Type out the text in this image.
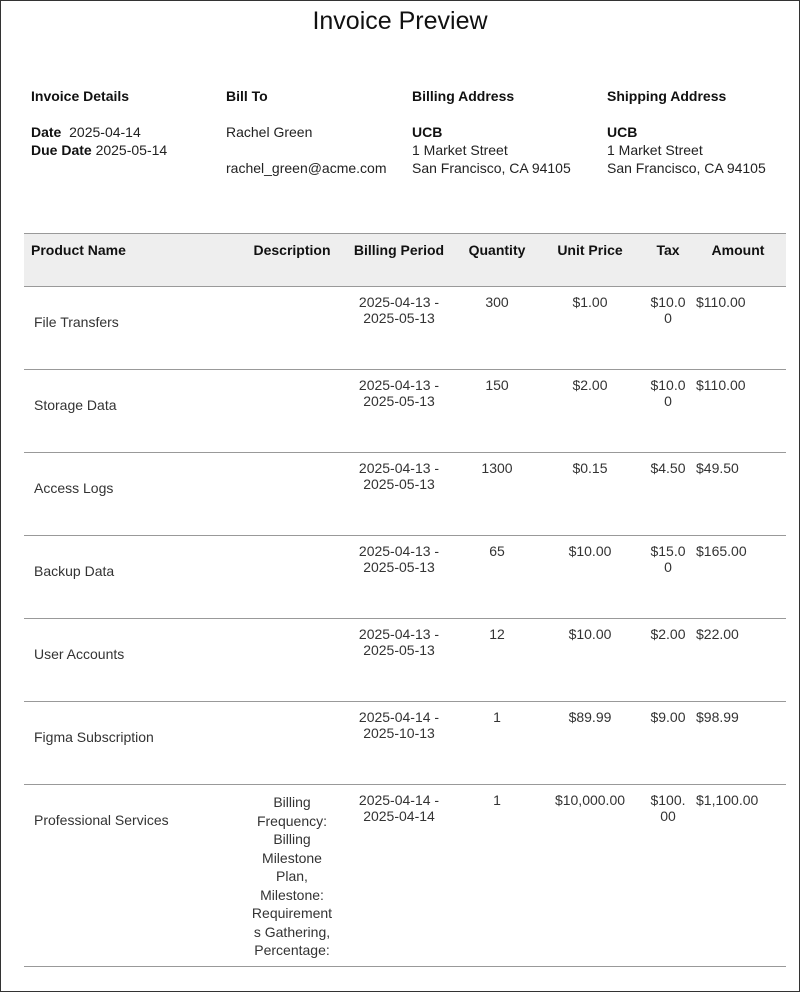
Invoice Preview
Invoice Details
Date 2025-04-14
Due Date 2025-05-14
Bill To
Rachel Green
rachel_green@acme.com
Billing Address
UCB
1 Market Street
San Francisco, CA 94105
Shipping Address
UCB
1 Market Street
San Francisco, CA 94105
Product Name	Description	Billing Period	Quantity	Unit Price	Tax	Amount
File Transfers		2025-04-13 - 2025-05-13	300	$1.00	$10.00	$110.00
Storage Data		2025-04-13 - 2025-05-13	150	$2.00	$10.00	$110.00
Access Logs		2025-04-13 - 2025-05-13	1300	$0.15	$4.50	$49.50
Backup Data		2025-04-13 - 2025-05-13	65	$10.00	$15.00	$165.00
User Accounts		2025-04-13 - 2025-05-13	12	$10.00	$2.00	$22.00
Figma Subscription		2025-04-14 - 2025-10-13	1	$89.99	$9.00	$98.99
Professional Services	Billing Frequency: Billing Milestone Plan, Milestone: Requirements Gathering, Percentage:	2025-04-14 - 2025-04-14	1	$10,000.00	$100.00	$1,100.00
